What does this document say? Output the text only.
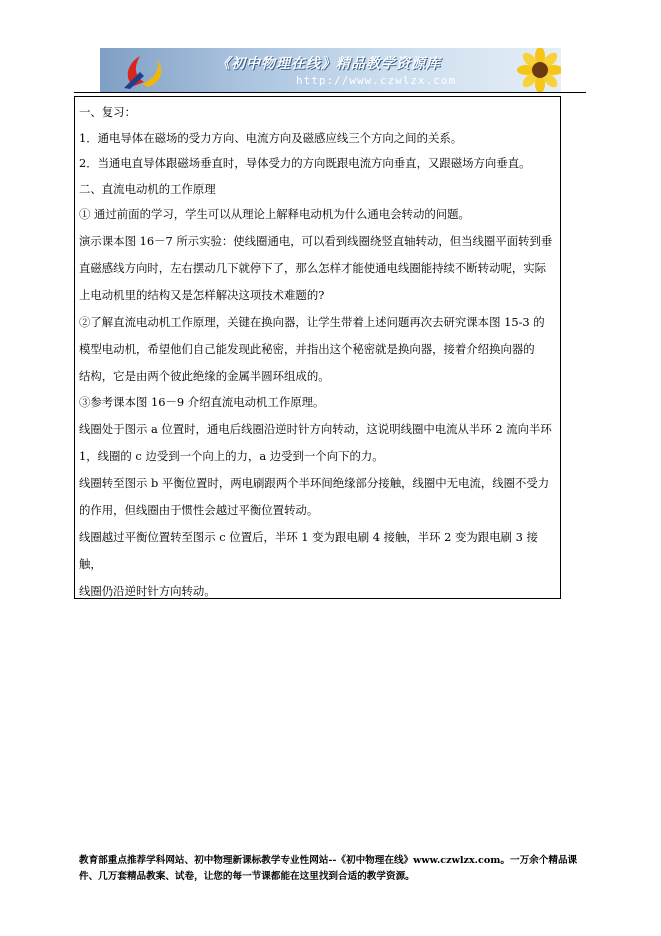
《初中物理在线》精品教学资源库
http://www.czwlzx.com

一、复习：

1．通电导体在磁场的受力方向、电流方向及磁感应线三个方向之间的关系。

2．当通电直导体跟磁场垂直时，导体受力的方向既跟电流方向垂直，又跟磁场方向垂直。

二、直流电动机的工作原理

① 通过前面的学习，学生可以从理论上解释电动机为什么通电会转动的问题。

演示课本图 16－7 所示实验：使线圈通电，可以看到线圈绕竖直轴转动，但当线圈平面转到垂

直磁感线方向时，左右摆动几下就停下了，那么怎样才能使通电线圈能持续不断转动呢，实际

上电动机里的结构又是怎样解决这项技术难题的?

②了解直流电动机工作原理，关键在换向器，让学生带着上述问题再次去研究课本图 15-3 的

模型电动机，希望他们自己能发现此秘密，并指出这个秘密就是换向器，接着介绍换向器的

结构，它是由两个彼此绝缘的金属半圆环组成的。

③参考课本图 16－9 介绍直流电动机工作原理。

线圈处于图示 a 位置时，通电后线圈沿逆时针方向转动，这说明线圈中电流从半环 2 流向半环

1，线圈的 c 边受到一个向上的力，a 边受到一个向下的力。

线圈转至图示 b 平衡位置时，两电刷跟两个半环间绝缘部分接触，线圈中无电流，线圈不受力

的作用，但线圈由于惯性会越过平衡位置转动。

线圈越过平衡位置转至图示 c 位置后，半环 1 变为跟电刷 4 接触，半环 2 变为跟电刷 3 接触，

线圈仍沿逆时针方向转动。

教育部重点推荐学科网站、初中物理新课标教学专业性网站--《初中物理在线》www.czwlzx.com。一万余个精品课
件、几万套精品教案、试卷，让您的每一节课都能在这里找到合适的教学资源。
